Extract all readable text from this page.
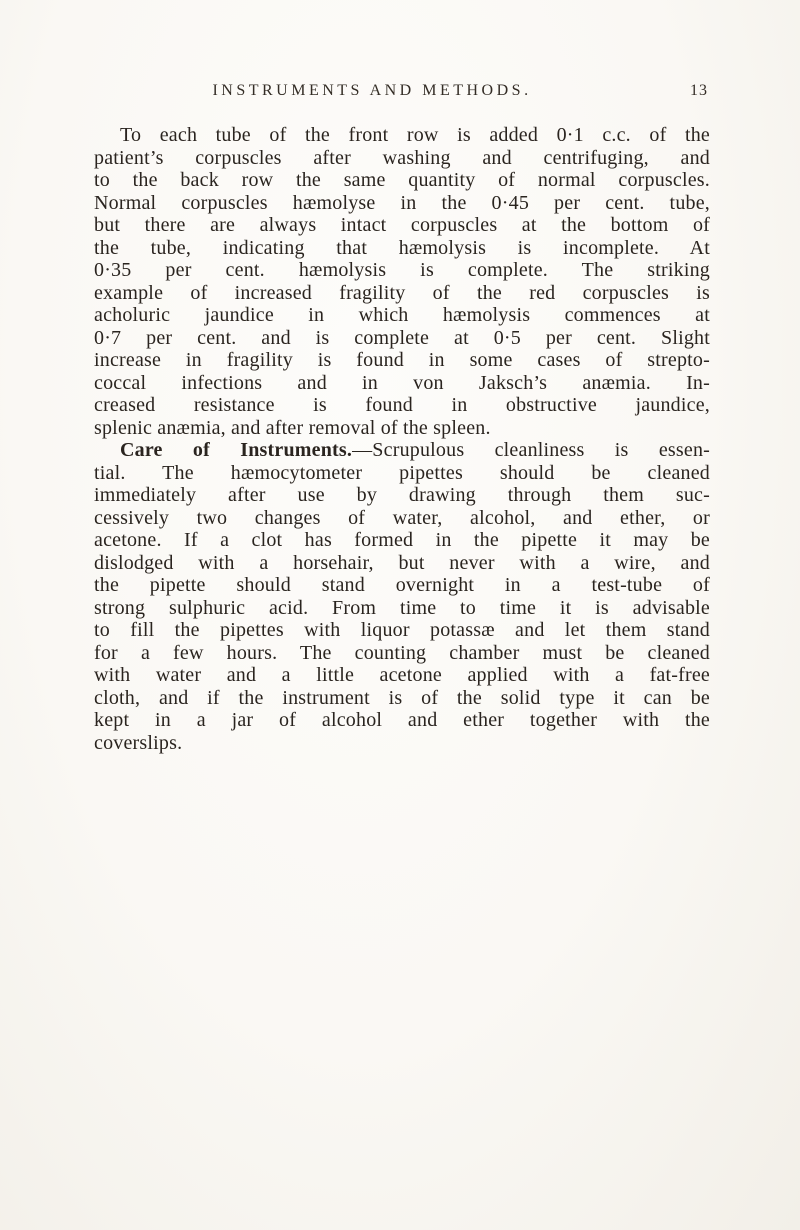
INSTRUMENTS AND METHODS.	13
To each tube of the front row is added 0·1 c.c. of the
patient’s corpuscles after washing and centrifuging, and
to the back row the same quantity of normal corpuscles.
Normal corpuscles hæmolyse in the 0·45 per cent. tube,
but there are always intact corpuscles at the bottom of
the tube, indicating that hæmolysis is incomplete. At
0·35 per cent. hæmolysis is complete. The striking
example of increased fragility of the red corpuscles is
acholuric jaundice in which hæmolysis commences at
0·7 per cent. and is complete at 0·5 per cent. Slight
increase in fragility is found in some cases of strepto-
coccal infections and in von Jaksch’s anæmia. In-
creased resistance is found in obstructive jaundice,
splenic anæmia, and after removal of the spleen.
Care of Instruments.—Scrupulous cleanliness is essen-
tial. The hæmocytometer pipettes should be cleaned
immediately after use by drawing through them suc-
cessively two changes of water, alcohol, and ether, or
acetone. If a clot has formed in the pipette it may be
dislodged with a horsehair, but never with a wire, and
the pipette should stand overnight in a test-tube of
strong sulphuric acid. From time to time it is advisable
to fill the pipettes with liquor potassæ and let them stand
for a few hours. The counting chamber must be cleaned
with water and a little acetone applied with a fat-free
cloth, and if the instrument is of the solid type it can be
kept in a jar of alcohol and ether together with the
coverslips.
